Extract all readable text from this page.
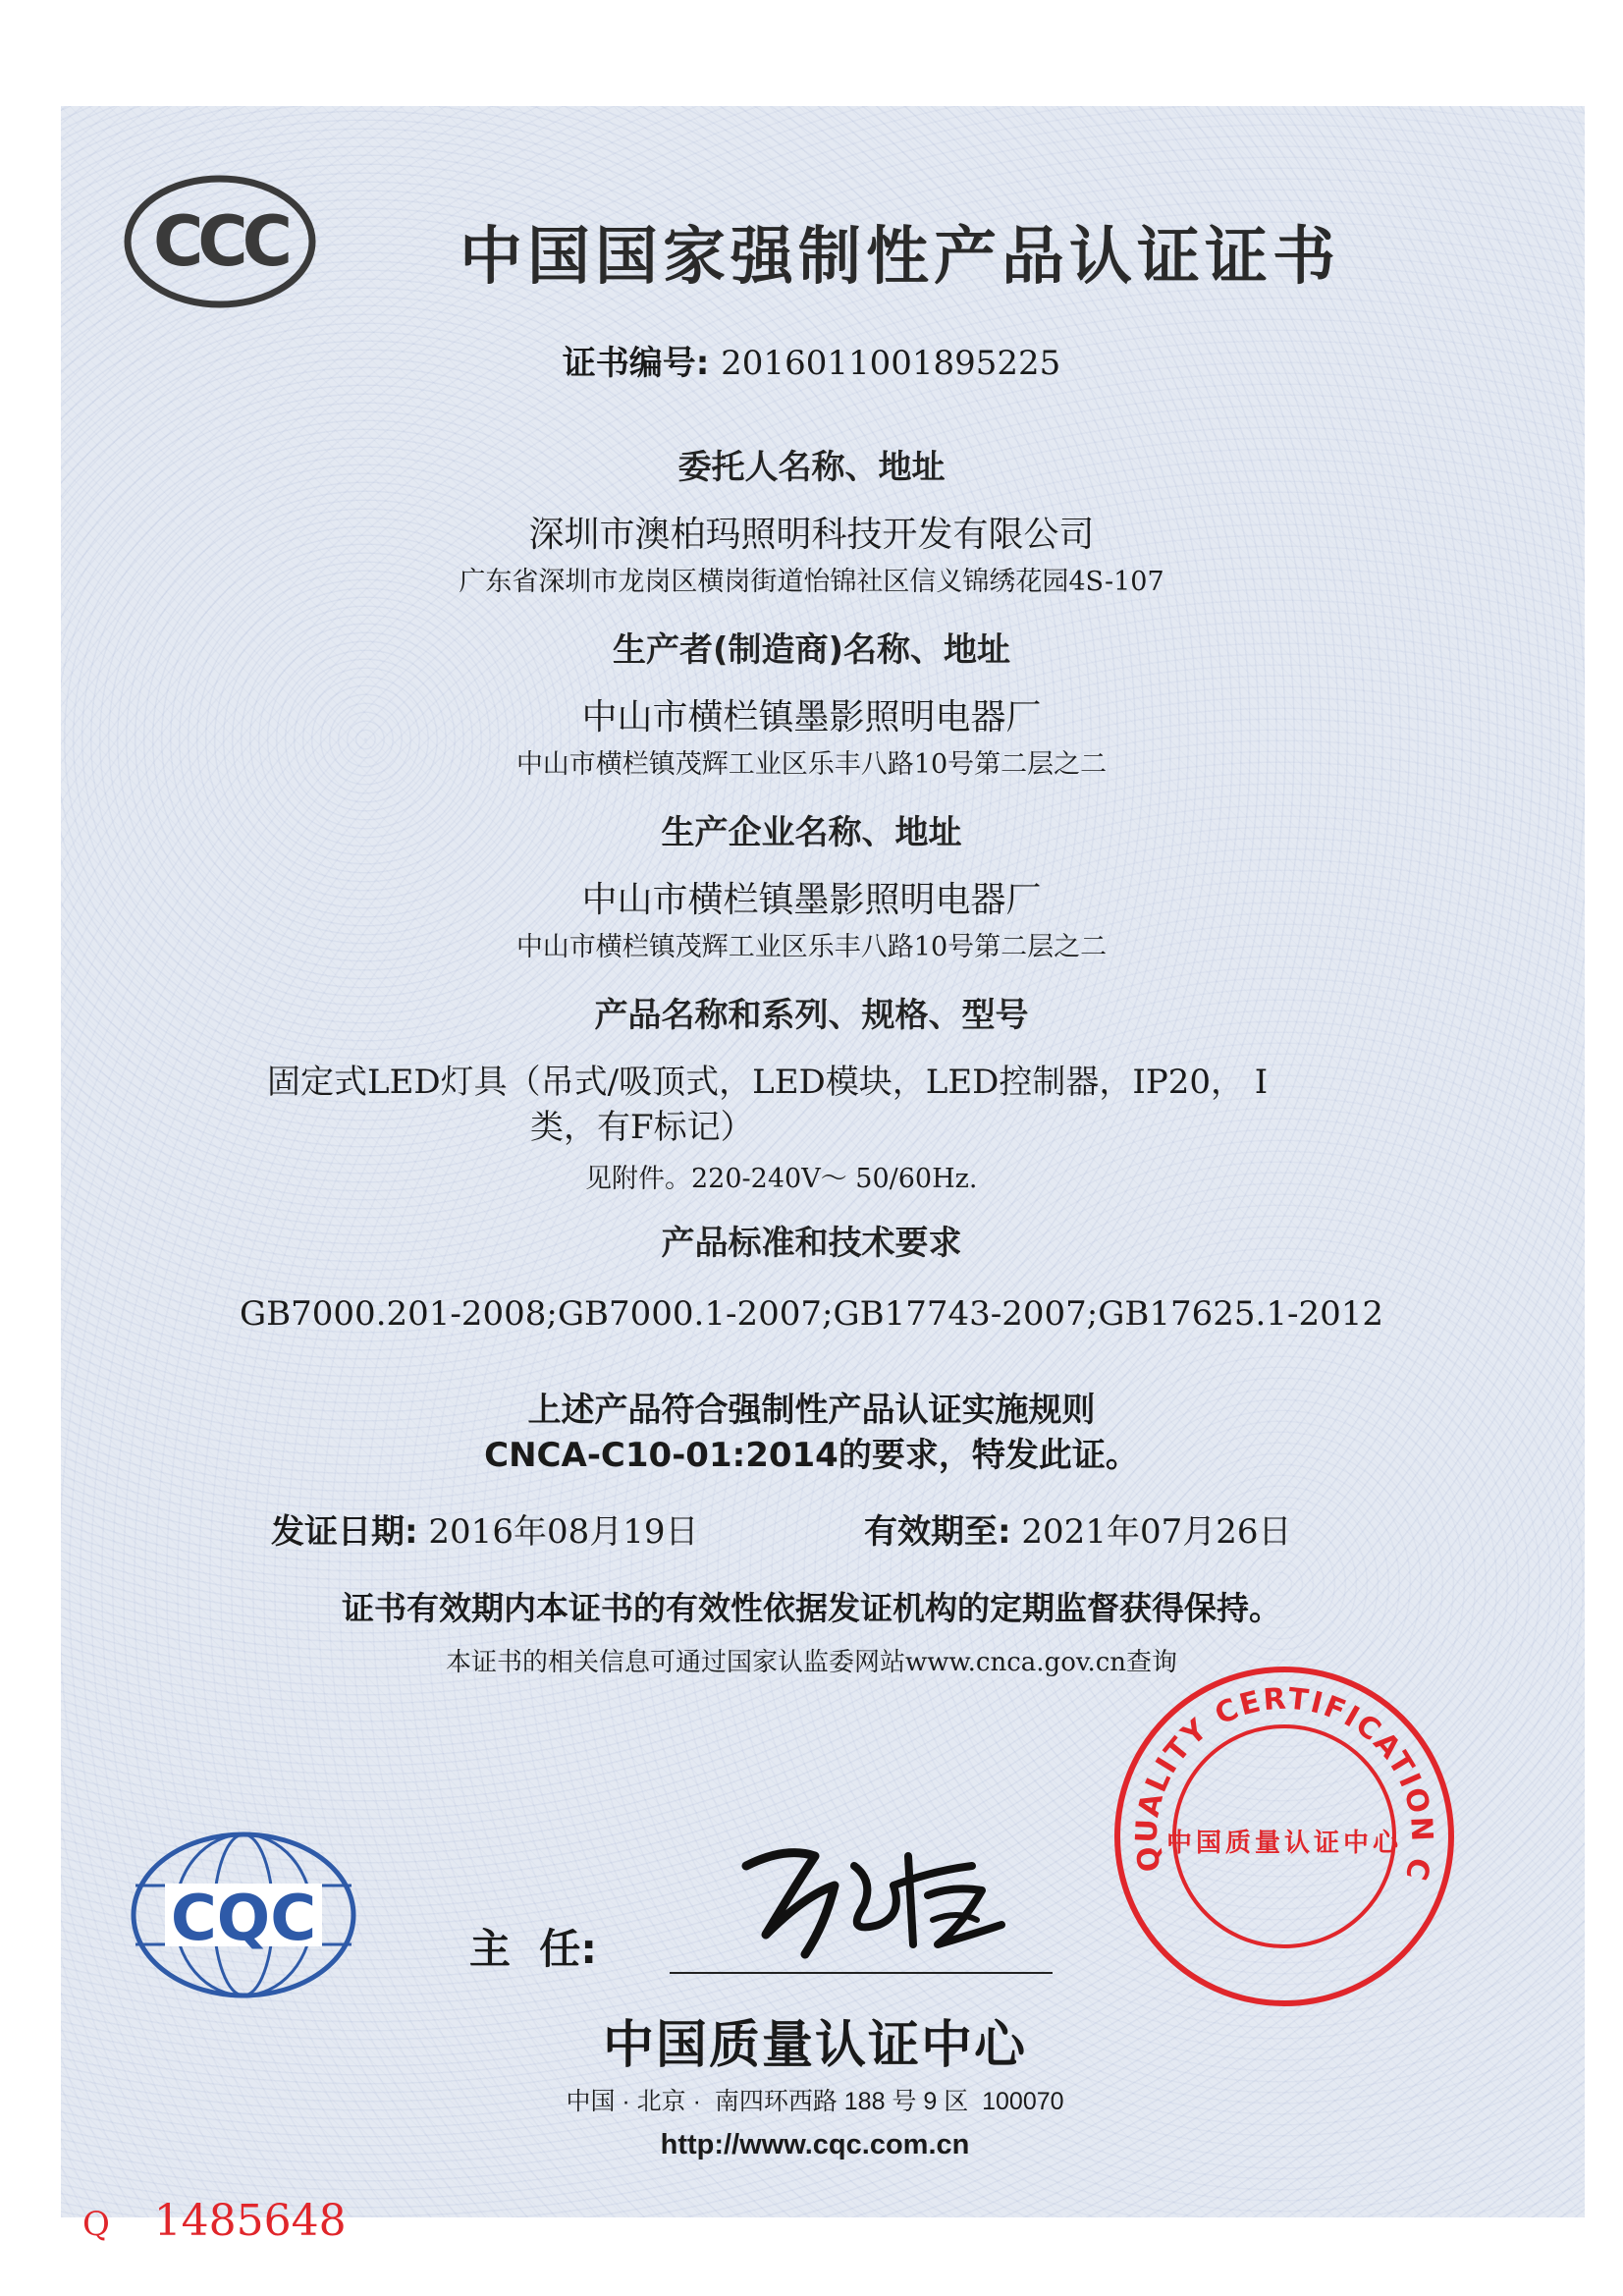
CCC	中国国家强制性产品认证证书
证书编号: 2016011001895225
委托人名称、地址
深圳市澳柏玛照明科技开发有限公司
广东省深圳市龙岗区横岗街道怡锦社区信义锦绣花园4S-107
生产者(制造商)名称、地址
中山市横栏镇墨影照明电器厂
中山市横栏镇茂辉工业区乐丰八路10号第二层之二
生产企业名称、地址
中山市横栏镇墨影照明电器厂
中山市横栏镇茂辉工业区乐丰八路10号第二层之二
产品名称和系列、规格、型号
固定式LED灯具（吊式/吸顶式，LED模块，LED控制器，IP20， I
类，有F标记）
见附件。220-240V～ 50/60Hz.
产品标准和技术要求
GB7000.201-2008;GB7000.1-2007;GB17743-2007;GB17625.1-2012
上述产品符合强制性产品认证实施规则
CNCA-C10-01:2014的要求，特发此证。
发证日期: 2016年08月19日	有效期至: 2021年07月26日
证书有效期内本证书的有效性依据发证机构的定期监督获得保持。
本证书的相关信息可通过国家认监委网站www.cnca.gov.cn查询
CQC	主  任:
中国质量认证中心
中国 · 北京 ·  南四环西路 188 号 9 区  100070
http://www.cqc.com.cn
QUALITY CERTIFICATION C
中国质量认证中心
Q 1485648
